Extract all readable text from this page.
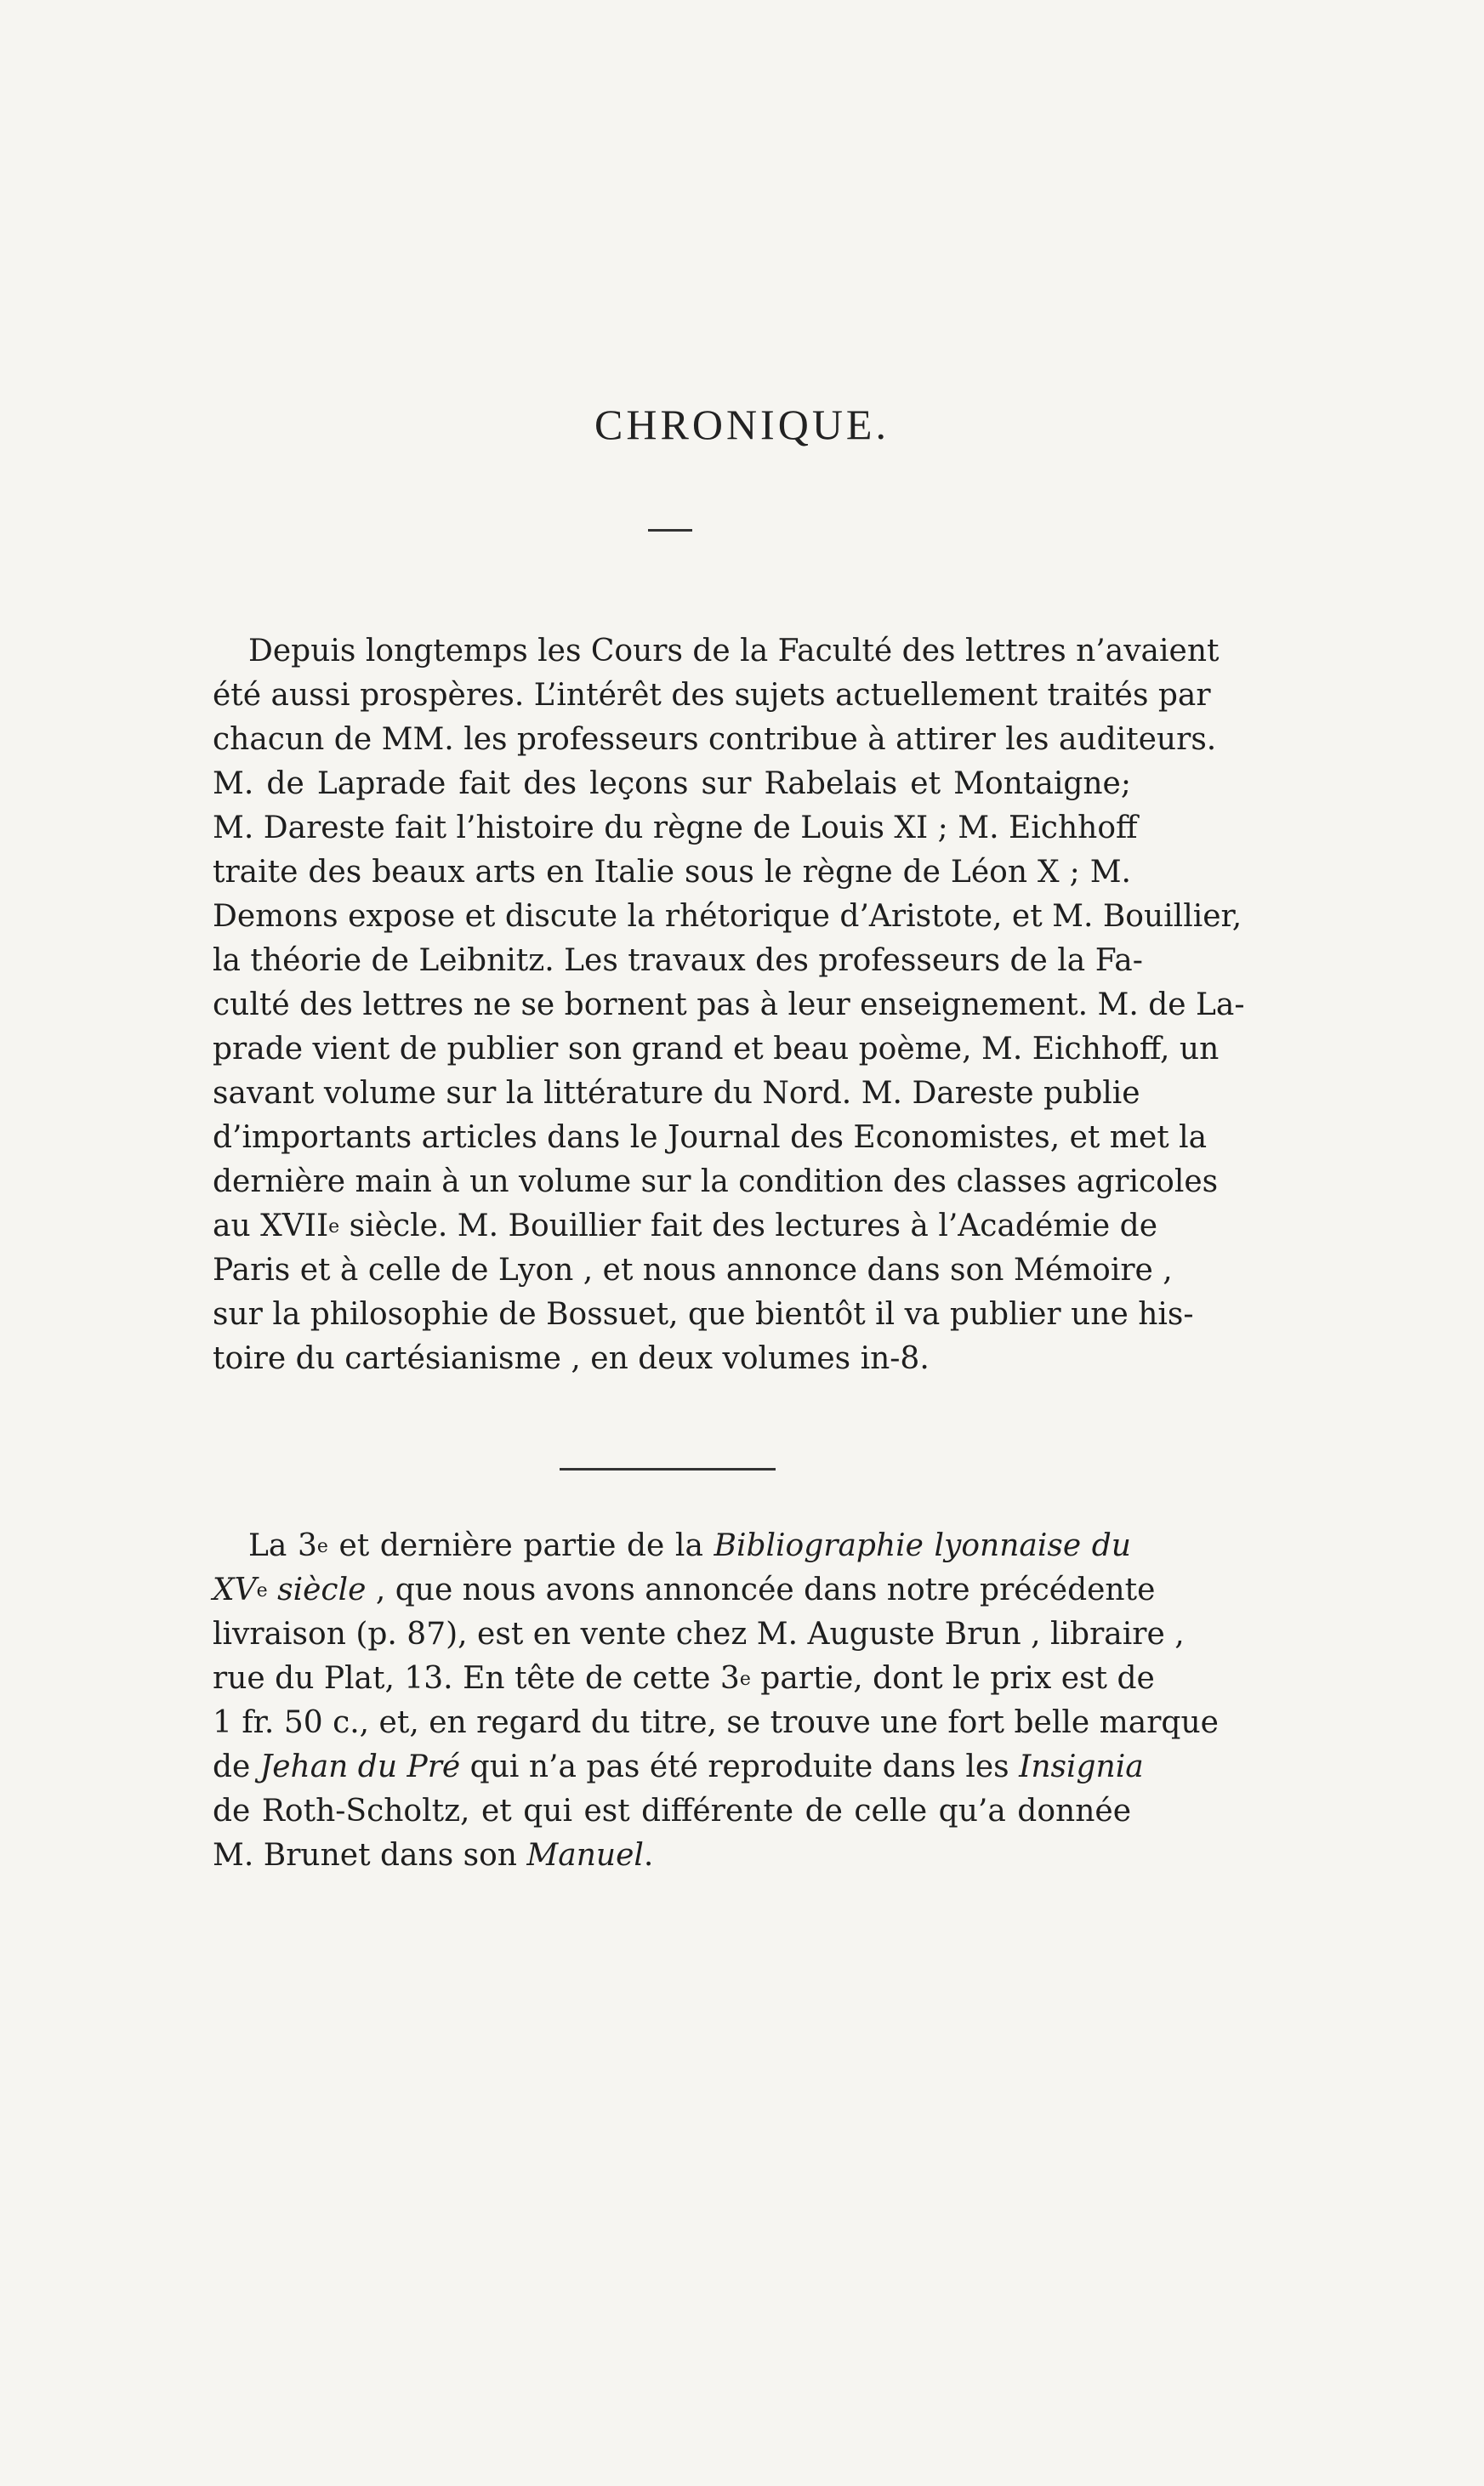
CHRONIQUE.
Depuis longtemps les Cours de la Faculté des lettres n’avaient
été aussi prospères. L’intérêt des sujets actuellement traités par
chacun de MM. les professeurs contribue à attirer les auditeurs.
M. de Laprade fait des leçons sur Rabelais et Montaigne;
M. Dareste fait l’histoire du règne de Louis XI ; M. Eichhoff
traite des beaux arts en Italie sous le règne de Léon X ; M.
Demons expose et discute la rhétorique d’Aristote, et M. Bouillier,
la théorie de Leibnitz. Les travaux des professeurs de la Fa-
culté des lettres ne se bornent pas à leur enseignement. M. de La-
prade vient de publier son grand et beau poème, M. Eichhoff, un
savant volume sur la littérature du Nord. M. Dareste publie
d’importants articles dans le Journal des Economistes, et met la
dernière main à un volume sur la condition des classes agricoles
au XVIIe siècle. M. Bouillier fait des lectures à l’Académie de
Paris et à celle de Lyon , et nous annonce dans son Mémoire ,
sur la philosophie de Bossuet, que bientôt il va publier une his-
toire du cartésianisme , en deux volumes in-8.
La 3e et dernière partie de la Bibliographie lyonnaise du
XVe siècle , que nous avons annoncée dans notre précédente
livraison (p. 87), est en vente chez M. Auguste Brun , libraire ,
rue du Plat, 13. En tête de cette 3e partie, dont le prix est de
1 fr. 50 c., et, en regard du titre, se trouve une fort belle marque
de Jehan du Pré qui n’a pas été reproduite dans les Insignia
de Roth-Scholtz, et qui est différente de celle qu’a donnée
M. Brunet dans son Manuel.
